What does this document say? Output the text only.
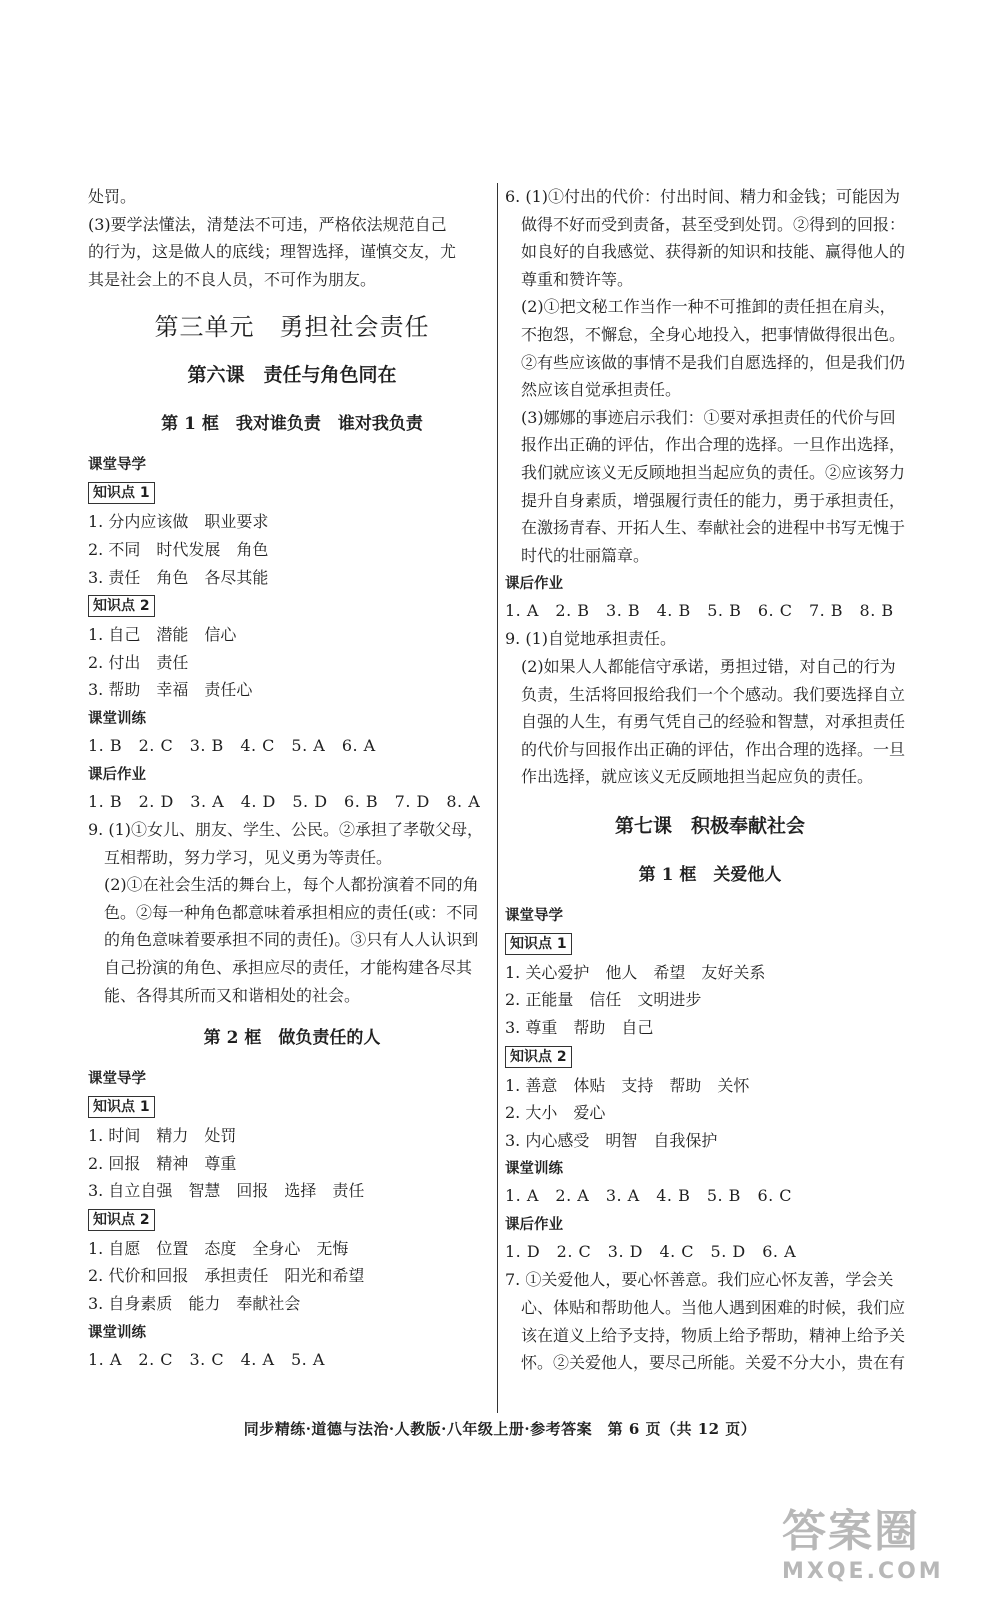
处罚。
(3)要学法懂法，清楚法不可违，严格依法规范自己
的行为，这是做人的底线；理智选择，谨慎交友，尤
其是社会上的不良人员，不可作为朋友。
第三单元　勇担社会责任
第六课　责任与角色同在
第 1 框　我对谁负责　谁对我负责
课堂导学
知识点 1
1. 分内应该做　职业要求
2. 不同　时代发展　角色
3. 责任　角色　各尽其能
知识点 2
1. 自己　潜能　信心
2. 付出　责任
3. 帮助　幸福　责任心
课堂训练
1. B　2. C　3. B　4. C　5. A　6. A
课后作业
1. B　2. D　3. A　4. D　5. D　6. B　7. D　8. A
9. (1)①女儿、朋友、学生、公民。②承担了孝敬父母，
　互相帮助，努力学习，见义勇为等责任。
　(2)①在社会生活的舞台上，每个人都扮演着不同的角
　色。②每一种角色都意味着承担相应的责任(或：不同
　的角色意味着要承担不同的责任)。③只有人人认识到
　自己扮演的角色、承担应尽的责任，才能构建各尽其
　能、各得其所而又和谐相处的社会。
第 2 框　做负责任的人
课堂导学
知识点 1
1. 时间　精力　处罚
2. 回报　精神　尊重
3. 自立自强　智慧　回报　选择　责任
知识点 2
1. 自愿　位置　态度　全身心　无悔
2. 代价和回报　承担责任　阳光和希望
3. 自身素质　能力　奉献社会
课堂训练
1. A　2. C　3. C　4. A　5. A
6. (1)①付出的代价：付出时间、精力和金钱；可能因为
　做得不好而受到责备，甚至受到处罚。②得到的回报：
　如良好的自我感觉、获得新的知识和技能、赢得他人的
　尊重和赞许等。
　(2)①把文秘工作当作一种不可推卸的责任担在肩头，
　不抱怨，不懈怠，全身心地投入，把事情做得很出色。
　②有些应该做的事情不是我们自愿选择的，但是我们仍
　然应该自觉承担责任。
　(3)娜娜的事迹启示我们：①要对承担责任的代价与回
　报作出正确的评估，作出合理的选择。一旦作出选择，
　我们就应该义无反顾地担当起应负的责任。②应该努力
　提升自身素质，增强履行责任的能力，勇于承担责任，
　在激扬青春、开拓人生、奉献社会的进程中书写无愧于
　时代的壮丽篇章。
课后作业
1. A　2. B　3. B　4. B　5. B　6. C　7. B　8. B
9. (1)自觉地承担责任。
　(2)如果人人都能信守承诺，勇担过错，对自己的行为
　负责，生活将回报给我们一个个感动。我们要选择自立
　自强的人生，有勇气凭自己的经验和智慧，对承担责任
　的代价与回报作出正确的评估，作出合理的选择。一旦
　作出选择，就应该义无反顾地担当起应负的责任。
第七课　积极奉献社会
第 1 框　关爱他人
课堂导学
知识点 1
1. 关心爱护　他人　希望　友好关系
2. 正能量　信任　文明进步
3. 尊重　帮助　自己
知识点 2
1. 善意　体贴　支持　帮助　关怀
2. 大小　爱心
3. 内心感受　明智　自我保护
课堂训练
1. A　2. A　3. A　4. B　5. B　6. C
课后作业
1. D　2. C　3. D　4. C　5. D　6. A
7. ①关爱他人，要心怀善意。我们应心怀友善，学会关
　心、体贴和帮助他人。当他人遇到困难的时候，我们应
　该在道义上给予支持，物质上给予帮助，精神上给予关
　怀。②关爱他人，要尽己所能。关爱不分大小，贵在有
同步精练·道德与法治·人教版·八年级上册·参考答案　第 6 页（共 12 页）
答案圈
MXQE.COM
